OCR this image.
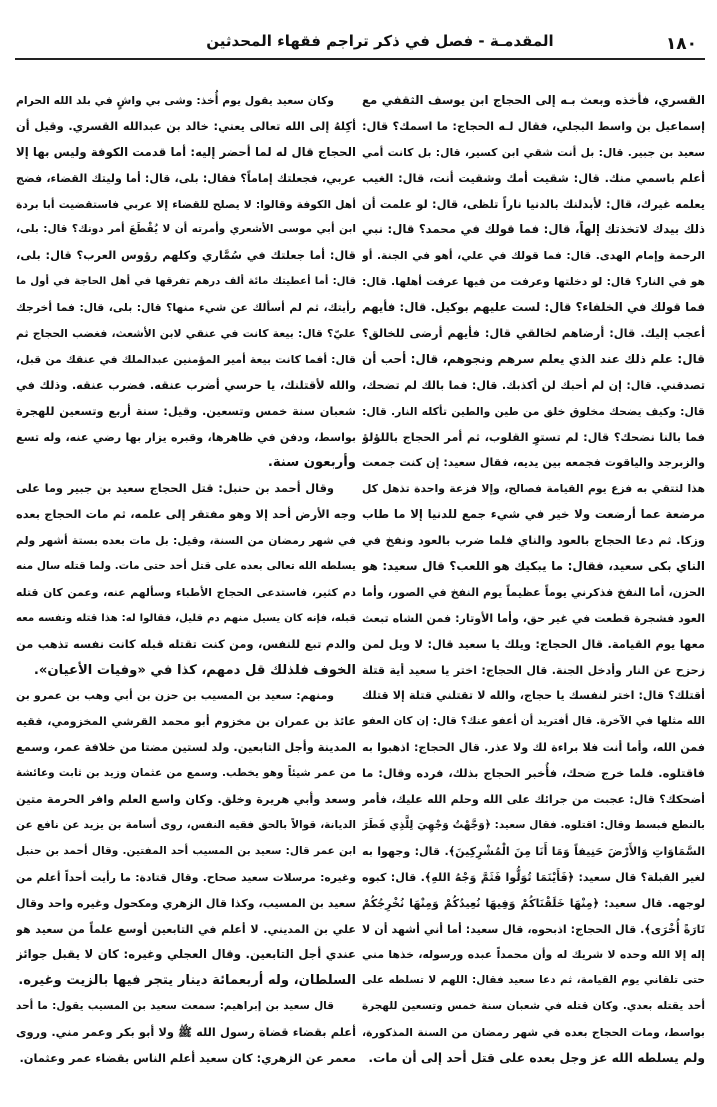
١٨٠
المقدمـة - فصل في ذكر تراجم فقهاء المحدثين
القسري، فأخذه وبعث بـه إلى الحجاج ابن يوسف الثقفي مع
إسماعيل بن واسط البجلي، فقال لـه الحجاج: ما اسمك؟ قال:
سعيد بن جبير. قال: بل أنت شقي ابن كسير، قال: بل كانت أمي
أعلم باسمي منك. قال: شقيت أمك وشقيت أنت، قال: الغيب
يعلمه غيرك، قال: لأبدلنك بالدنيا ناراً تلظى، قال: لو علمت أن
ذلك بيدك لاتخذتك إلهاً، قال: فما قولك في محمد؟ قال: نبي
الرحمة وإمام الهدى. قال: فما قولك في علي، أهو في الجنة. أو
هو في النار؟ قال: لو دخلتها وعرفت من فيها عرفت أهلها. قال:
فما قولك في الخلفاء؟ قال: لست عليهم بوكيل. قال: فأيهم
أعجب إليك. قال: أرضاهم لخالقي قال: فأيهم أرضى للخالق؟
قال: علم ذلك عند الذي يعلم سرهم ونجوهم، قال: أحب أن
تصدقني. قال: إن لم أحبك لن أكذبك. قال: فما بالك لم تضحك،
قال: وكيف يضحك مخلوق خلق من طين والطين تأكله النار. قال:
فما بالنا نضحك؟ قال: لم تستوِ القلوب، ثم أمر الحجاج باللؤلؤ
والزبرجد والياقوت فجمعه بين يديه، فقال سعيد: إن كنت جمعت
هذا لتتقي به فزع يوم القيامة فصالح، وإلا فزعة واحدة تذهل كل
مرضعة عما أرضعت ولا خير في شيء جمع للدنيا إلا ما طاب
وزكا. ثم دعا الحجاج بالعود والناي فلما ضرب بالعود ونفخ في
الناي بكى سعيد، فقال: ما يبكيك هو اللعب؟ قال سعيد: هو
الحزن، أما النفخ فذكرني يوماً عظيماً يوم النفخ في الصور، وأما
العود فشجرة قطعت في غير حق، وأما الأوتار: فمن الشاه تبعث
معها يوم القيامة. قال الحجاج: ويلك يا سعيد قال: لا ويل لمن
زحزح عن النار وأدخل الجنة. قال الحجاج: اختر يا سعيد أية قتلة
أقتلك؟ قال: اختر لنفسك يا حجاج، والله لا تقتلني قتلة إلا قتلك
الله مثلها في الآخرة. قال أفتريد أن أعفو عنك؟ قال: إن كان العفو
فمن الله، وأما أنت فلا براءة لك ولا عذر. قال الحجاج: اذهبوا به
فاقتلوه. فلما خرج ضحك، فأُخبر الحجاج بذلك، فرده وقال: ما
أضحكك؟ قال: عجبت من جرائك على الله وحلم الله عليك، فأمر
بالنطع فبسط وقال: اقتلوه. فقال سعيد: ﴿وَجَّهْتُ وَجْهِيَ لِلَّذِي فَطَرَ
السَّمَاوَاتِ وَالأَرْضَ حَنِيفاً وَمَا أَنَا مِنَ الْمُشْرِكِينَ﴾. قال: وجهوا به
لغير القبلة؟ قال سعيد: ﴿فَأَيْنَمَا تُوَلُّوا فَثَمَّ وَجْهُ اللهِ﴾. قال: كبوه
لوجهه. قال سعيد: ﴿مِنْهَا خَلَقْنَاكُمْ وَفِيهَا نُعِيدُكُمْ وَمِنْهَا نُخْرِجُكُمْ
تَارَةً أُخْرَى﴾. قال الحجاج: اذبحوه، قال سعيد: أما أني أشهد أن لا
إله إلا الله وحده لا شريك له وأن محمداً عبده ورسوله، خذها مني
حتى تلقاني يوم القيامة، ثم دعا سعيد فقال: اللهم لا تسلطه على
أحد يقتله بعدي. وكان قتله في شعبان سنة خمس وتسعين للهجرة
بواسط، ومات الحجاج بعده في شهر رمضان من السنة المذكورة،
ولم يسلطه الله عز وجل بعده على قتل أحد إلى أن مات.
وكان سعيد يقول يوم أُخذ: وشى بي واشٍ في بلد الله الحرام
أكِلهُ إلى الله تعالى يعني: خالد بن عبدالله القسري. وقيل أن
الحجاج قال له لما أحضر إليه: أما قدمت الكوفة وليس بها إلا
عربي، فجعلتك إماماً؟ فقال: بلى، قال: أما وليتك القضاء، فضج
أهل الكوفة وقالوا: لا يصلح للقضاء إلا عربي فاستقضيت أبا بردة
ابن أبي موسى الأشعري وأمرته أن لا يُقْطَعَ أمر دونك؟ قال: بلى،
قال: أما جعلتك في سُمَّاري وكلهم رؤوس العرب؟ قال: بلى،
قال: أما أعطيتك مائة ألف درهم تفرقها في أهل الحاجة في أول ما
رأيتك، ثم لم أسألك عن شيء منها؟ قال: بلى، قال: فما أخرجك
عليّ؟ قال: بيعة كانت في عنقي لابن الأشعث، فغضب الحجاج ثم
قال: أفما كانت بيعة أمير المؤمنين عبدالملك في عنقك من قبل،
والله لأقتلنك، يا حرسي أضرب عنقه. فضرب عنقه. وذلك في
شعبان سنة خمس وتسعين. وقيل: سنة أربع وتسعين للهجرة
بواسط، ودفن في ظاهرها، وقبره يزار بها رضي عنه، وله تسع
وأربعون سنة.
وقال أحمد بن حنبل: قتل الحجاج سعيد بن جبير وما على
وجه الأرض أحد إلا وهو مفتقر إلى علمه، ثم مات الحجاج بعده
في شهر رمضان من السنة، وقيل: بل مات بعده بستة أشهر ولم
يسلطه الله تعالى بعده على قتل أحد حتى مات. ولما قتله سال منه
دم كثير، فاستدعى الحجاج الأطباء وسألهم عنه، وعمن كان قتله
قبله، فإنه كان يسيل منهم دم قليل، فقالوا له: هذا قتله ونفسه معه
والدم تبع للنفس، ومن كنت تقتله قبله كانت نفسه تذهب من
الخوف فلذلك قل دمهم، كذا في «وفيات الأعيان».
ومنهم: سعيد بن المسيب بن حزن بن أبي وهب بن عمرو بن
عائذ بن عمران بن مخزوم أبو محمد القرشي المخزومي، فقيه
المدينة وأجل التابعين. ولد لستين مضتا من خلافة عمر، وسمع
من عمر شيئاً وهو يخطب. وسمع من عثمان وزيد بن ثابت وعائشة
وسعد وأبي هريرة وخلق. وكان واسع العلم وافر الحرمة متين
الديانة، قوالاً بالحق فقيه النفس، روى أسامة بن يزيد عن نافع عن
ابن عمر قال: سعيد بن المسيب أحد المفتين. وقال أحمد بن حنبل
وغيره: مرسلات سعيد صحاح. وقال قتادة: ما رأيت أحداً أعلم من
سعيد بن المسيب، وكذا قال الزهري ومكحول وغيره واحد وقال
علي بن المديني. لا أعلم في التابعين أوسع علماً من سعيد هو
عندي أجل التابعين. وقال العجلي وغيره: كان لا يقبل جوائز
السلطان، وله أربعمائة دينار يتجر فيها بالزيت وغيره.
قال سعيد بن إبراهيم: سمعت سعيد بن المسيب يقول: ما أحد
أعلم بقضاء قضاة رسول الله ﷺ ولا أبو بكر وعمر مني. وروى
معمر عن الزهري: كان سعيد أعلم الناس بقضاء عمر وعثمان.
